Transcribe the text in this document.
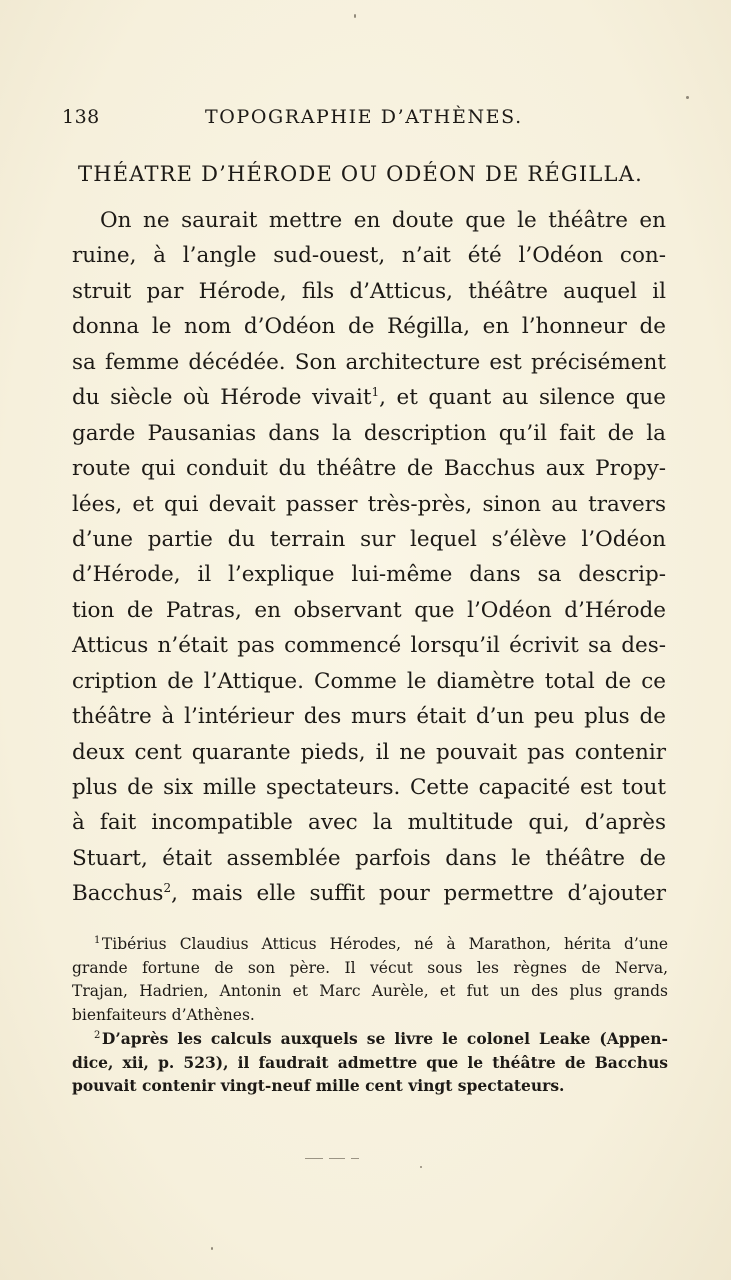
138	TOPOGRAPHIE D’ATHÈNES.
THÉATRE D’HÉRODE OU ODÉON DE RÉGILLA.
On ne saurait mettre en doute que le théâtre en
ruine, à l’angle sud-ouest, n’ait été l’Odéon con-
struit par Hérode, fils d’Atticus, théâtre auquel il
donna le nom d’Odéon de Régilla, en l’honneur de
sa femme décédée. Son architecture est précisément
du siècle où Hérode vivait$^1$, et quant au silence que
garde Pausanias dans la description qu’il fait de la
route qui conduit du théâtre de Bacchus aux Propy-
lées, et qui devait passer très-près, sinon au travers
d’une partie du terrain sur lequel s’élève l’Odéon
d’Hérode, il l’explique lui-même dans sa descrip-
tion de Patras, en observant que l’Odéon d’Hérode
Atticus n’était pas commencé lorsqu’il écrivit sa des-
cription de l’Attique. Comme le diamètre total de ce
théâtre à l’intérieur des murs était d’un peu plus de
deux cent quarante pieds, il ne pouvait pas contenir
plus de six mille spectateurs. Cette capacité est tout
à fait incompatible avec la multitude qui, d’après
Stuart, était assemblée parfois dans le théâtre de
Bacchus$^2$, mais elle suffit pour permettre d’ajouter
$^1$ Tibérius Claudius Atticus Hérodes, né à Marathon, hérita d’une
grande fortune de son père. Il vécut sous les règnes de Nerva,
Trajan, Hadrien, Antonin et Marc Aurèle, et fut un des plus grands
bienfaiteurs d’Athènes.
$^2$ D’après les calculs auxquels se livre le colonel Leake (Appen-
dice, xii, p. 523), il faudrait admettre que le théâtre de Bacchus
pouvait contenir vingt-neuf mille cent vingt spectateurs.
